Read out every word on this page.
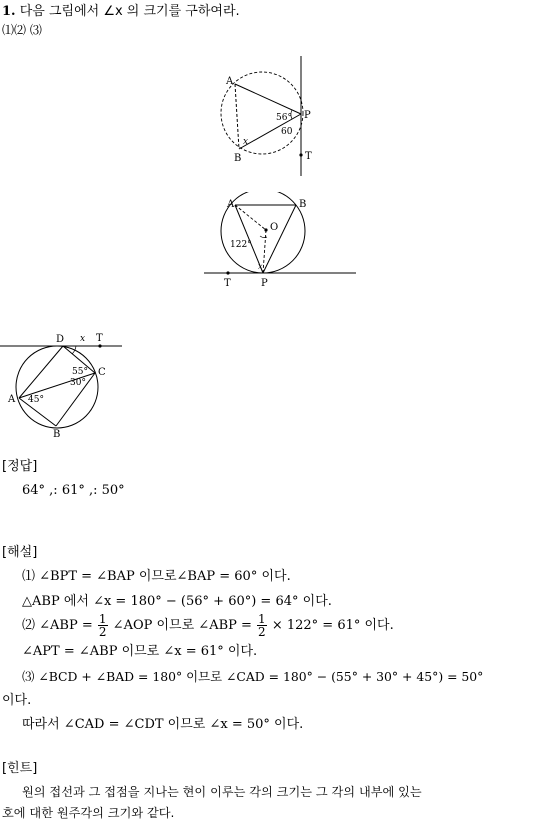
1. 다음 그림에서 ∠x 의 크기를 구하여라.
⑴⑵ ⑶
A
B
P
T
x
56°
60
A	B
O
122°
x
T	P
D x T
C
A
B
55°
30°
45°
[정답]
64° ,: 61° ,: 50°
[해설]
⑴ ∠BPT = ∠BAP 이므로∠BAP = 60° 이다.
△ABP 에서 ∠x = 180° − (56° + 60°) = 64° 이다.
⑵ ∠ABP = $\frac{1}{2}$ ∠AOP 이므로 ∠ABP = $\frac{1}{2} \times 122^\circ = 61^\circ$ 이다.
∠APT = ∠ABP 이므로 ∠x = 61° 이다.
⑶ ∠BCD + ∠BAD = 180° 이므로 ∠CAD = 180° − (55° + 30° + 45°) = 50°
이다.
따라서 ∠CAD = ∠CDT 이므로 ∠x = 50° 이다.
[힌트]
원의 접선과 그 접점을 지나는 현이 이루는 각의 크기는 그 각의 내부에 있는
호에 대한 원주각의 크기와 같다.
